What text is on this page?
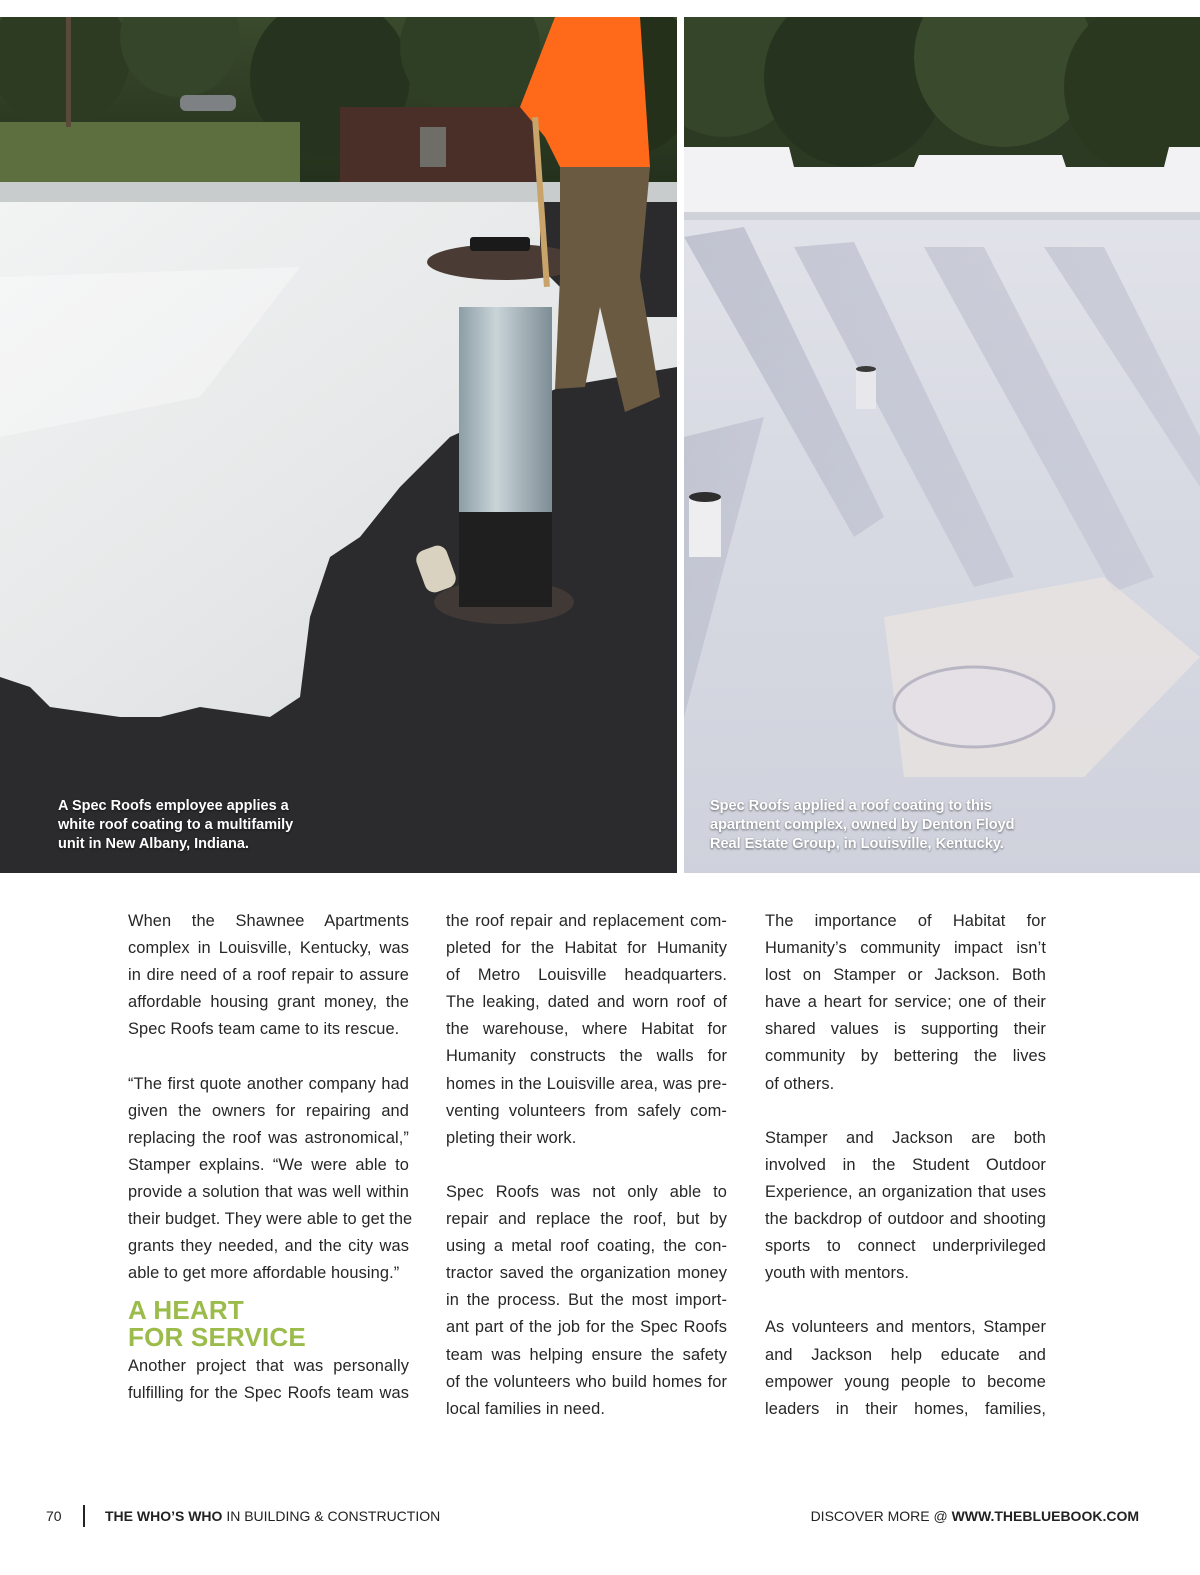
A Spec Roofs employee applies a
white roof coating to a multifamily
unit in New Albany, Indiana.
Spec Roofs applied a roof coating to this
apartment complex, owned by Denton Floyd
Real Estate Group, in Louisville, Kentucky.
When the Shawnee Apartments
complex in Louisville, Kentucky, was
in dire need of a roof repair to assure
affordable housing grant money, the
Spec Roofs team came to its rescue.
“The first quote another company had
given the owners for repairing and
replacing the roof was astronomical,”
Stamper explains. “We were able to
provide a solution that was well within
their budget. They were able to get the
grants they needed, and the city was
able to get more affordable housing.”
A HEART
FOR SERVICE
Another project that was personally
fulfilling for the Spec Roofs team was
the roof repair and replacement com-
pleted for the Habitat for Humanity
of Metro Louisville headquarters.
The leaking, dated and worn roof of
the warehouse, where Habitat for
Humanity constructs the walls for
homes in the Louisville area, was pre-
venting volunteers from safely com-
pleting their work.
Spec Roofs was not only able to
repair and replace the roof, but by
using a metal roof coating, the con-
tractor saved the organization money
in the process. But the most import-
ant part of the job for the Spec Roofs
team was helping ensure the safety
of the volunteers who build homes for
local families in need.
The importance of Habitat for
Humanity’s community impact isn’t
lost on Stamper or Jackson. Both
have a heart for service; one of their
shared values is supporting their
community by bettering the lives
of others.
Stamper and Jackson are both
involved in the Student Outdoor
Experience, an organization that uses
the backdrop of outdoor and shooting
sports to connect underprivileged
youth with mentors.
As volunteers and mentors, Stamper
and Jackson help educate and
empower young people to become
leaders in their homes, families,
70	THE WHO’S WHO IN BUILDING & CONSTRUCTION	DISCOVER MORE @ WWW.THEBLUEBOOK.COM
